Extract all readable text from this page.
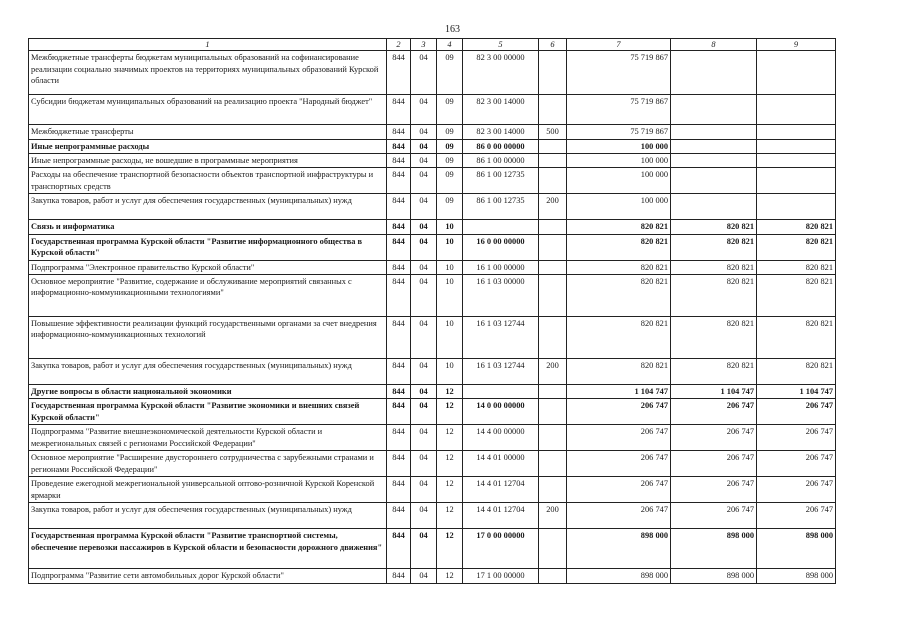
163
1	2	3	4	5	6	7	8	9
Межбюджетные трансферты бюджетам муниципальных образований на софинансирование реализации социально значимых проектов на территориях муниципальных образований Курской области	844	04	09	82 3 00 00000		75 719 867		
Субсидии бюджетам муниципальных образований на реализацию проекта "Народный бюджет"	844	04	09	82 3 00 14000		75 719 867		
Межбюджетные трансферты	844	04	09	82 3 00 14000	500	75 719 867		
Иные непрограммные расходы	844	04	09	86 0 00 00000		100 000		
Иные непрограммные расходы, не вошедшие в программные мероприятия	844	04	09	86 1 00 00000		100 000		
Расходы на обеспечение транспортной безопасности объектов транспортной инфраструктуры и транспортных средств	844	04	09	86 1 00 12735		100 000		
Закупка товаров, работ и услуг для обеспечения государственных (муниципальных) нужд	844	04	09	86 1 00 12735	200	100 000		
Связь и информатика	844	04	10			820 821	820 821	820 821
Государственная программа Курской области "Развитие информационного общества в Курской области"	844	04	10	16 0 00 00000		820 821	820 821	820 821
Подпрограмма "Электронное правительство Курской области"	844	04	10	16 1 00 00000		820 821	820 821	820 821
Основное мероприятие "Развитие, содержание и обслуживание мероприятий связанных с информационно-коммуникационными технологиями"	844	04	10	16 1 03 00000		820 821	820 821	820 821
Повышение эффективности реализации функций государственными органами за счет внедрения информационно-коммуникационных технологий	844	04	10	16 1 03 12744		820 821	820 821	820 821
Закупка товаров, работ и услуг для обеспечения государственных (муниципальных) нужд	844	04	10	16 1 03 12744	200	820 821	820 821	820 821
Другие вопросы в области национальной экономики	844	04	12			1 104 747	1 104 747	1 104 747
Государственная программа Курской области "Развитие экономики и внешних связей Курской области"	844	04	12	14 0 00 00000		206 747	206 747	206 747
Подпрограмма "Развитие внешнеэкономической деятельности Курской области и межрегиональных связей с регионами Российской Федерации"	844	04	12	14 4 00 00000		206 747	206 747	206 747
Основное мероприятие "Расширение двустороннего сотрудничества с зарубежными странами и регионами Российской Федерации"	844	04	12	14 4 01 00000		206 747	206 747	206 747
Проведение ежегодной межрегиональной универсальной оптово-розничной Курской Коренской ярмарки	844	04	12	14 4 01 12704		206 747	206 747	206 747
Закупка товаров, работ и услуг для обеспечения государственных (муниципальных) нужд	844	04	12	14 4 01 12704	200	206 747	206 747	206 747
Государственная программа Курской области "Развитие транспортной системы, обеспечение перевозки пассажиров в Курской области и безопасности дорожного движения"	844	04	12	17 0 00 00000		898 000	898 000	898 000
Подпрограмма "Развитие сети автомобильных дорог Курской области"	844	04	12	17 1 00 00000		898 000	898 000	898 000
